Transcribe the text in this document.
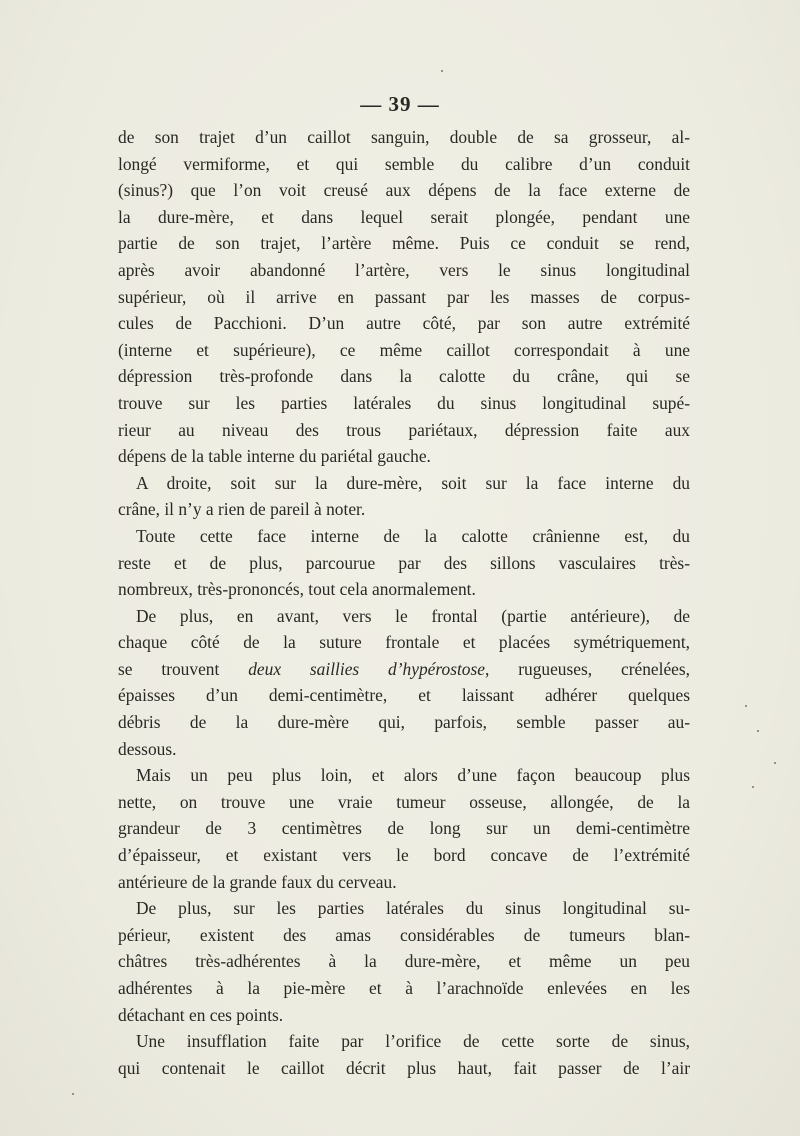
— 39 —
de son trajet d’un caillot sanguin, double de sa grosseur, al-
longé vermiforme, et qui semble du calibre d’un conduit
(sinus?) que l’on voit creusé aux dépens de la face externe de
la dure-mère, et dans lequel serait plongée, pendant une
partie de son trajet, l’artère même. Puis ce conduit se rend,
après avoir abandonné l’artère, vers le sinus longitudinal
supérieur, où il arrive en passant par les masses de corpus-
cules de Pacchioni. D’un autre côté, par son autre extrémité
(interne et supérieure), ce même caillot correspondait à une
dépression très-profonde dans la calotte du crâne, qui se
trouve sur les parties latérales du sinus longitudinal supé-
rieur au niveau des trous pariétaux, dépression faite aux
dépens de la table interne du pariétal gauche.
A droite, soit sur la dure-mère, soit sur la face interne du
crâne, il n’y a rien de pareil à noter.
Toute cette face interne de la calotte crânienne est, du
reste et de plus, parcourue par des sillons vasculaires très-
nombreux, très-prononcés, tout cela anormalement.
De plus, en avant, vers le frontal (partie antérieure), de
chaque côté de la suture frontale et placées symétriquement,
se trouvent deux saillies d’hypérostose, rugueuses, crénelées,
épaisses d’un demi-centimètre, et laissant adhérer quelques
débris de la dure-mère qui, parfois, semble passer au-
dessous.
Mais un peu plus loin, et alors d’une façon beaucoup plus
nette, on trouve une vraie tumeur osseuse, allongée, de la
grandeur de 3 centimètres de long sur un demi-centimètre
d’épaisseur, et existant vers le bord concave de l’extrémité
antérieure de la grande faux du cerveau.
De plus, sur les parties latérales du sinus longitudinal su-
périeur, existent des amas considérables de tumeurs blan-
châtres très-adhérentes à la dure-mère, et même un peu
adhérentes à la pie-mère et à l’arachnoïde enlevées en les
détachant en ces points.
Une insufflation faite par l’orifice de cette sorte de sinus,
qui contenait le caillot décrit plus haut, fait passer de l’air
